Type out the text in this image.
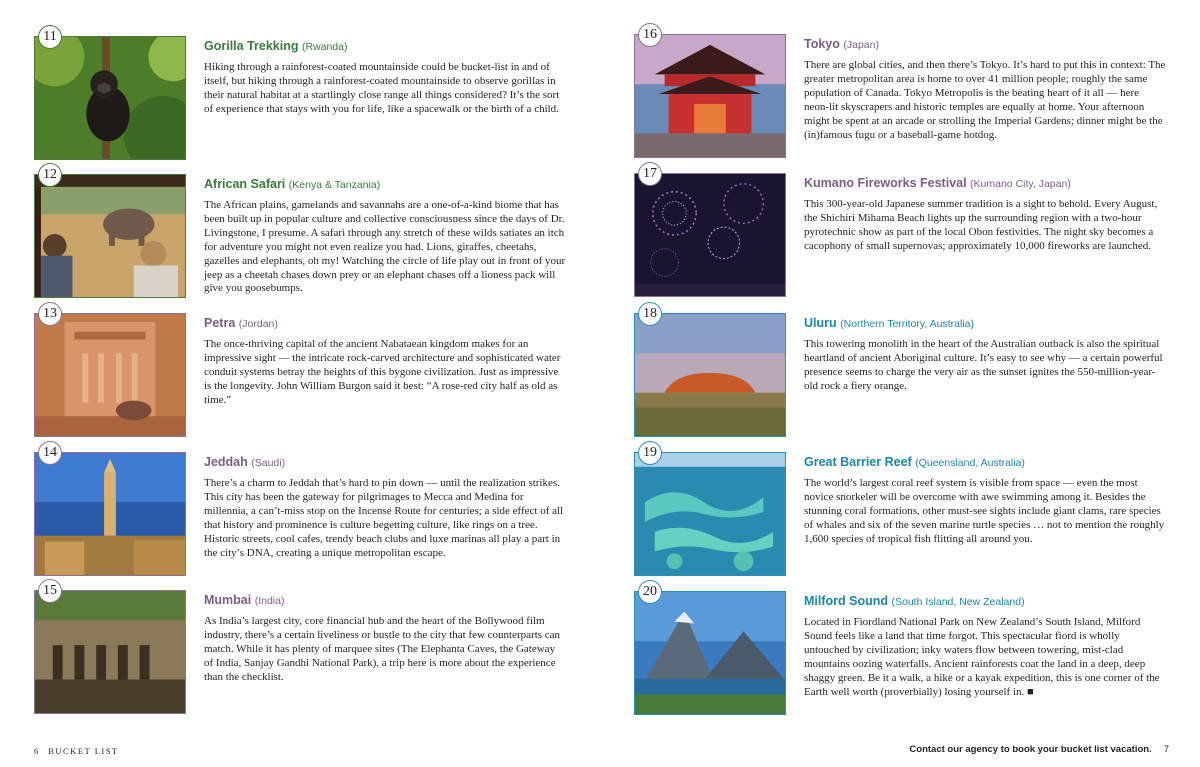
11
Gorilla Trekking (Rwanda)
Hiking through a rainforest-coated mountainside could be bucket-list in and of itself, but hiking through a rainforest-coated mountainside to observe gorillas in their natural habitat at a startlingly close range all things considered? It’s the sort of experience that stays with you for life, like a spacewalk or the birth of a child.
12
African Safari (Kenya & Tanzania)
The African plains, gamelands and savannahs are a one-of-a-kind biome that has been built up in popular culture and collective consciousness since the days of Dr. Livingstone, I presume. A safari through any stretch of these wilds satiates an itch for adventure you might not even realize you had. Lions, giraffes, cheetahs, gazelles and elephants, oh my! Watching the circle of life play out in front of your jeep as a cheetah chases down prey or an elephant chases off a lioness pack will give you goosebumps.
13
Petra (Jordan)
The once-thriving capital of the ancient Nabataean kingdom makes for an impressive sight — the intricate rock-carved architecture and sophisticated water conduit systems betray the heights of this bygone civilization. Just as impressive is the longevity. John William Burgon said it best: “A rose-red city half as old as time.”
14
Jeddah (Saudi)
There’s a charm to Jeddah that’s hard to pin down — until the realization strikes. This city has been the gateway for pilgrimages to Mecca and Medina for millennia, a can’t-miss stop on the Incense Route for centuries; a side effect of all that history and prominence is culture begetting culture, like rings on a tree. Historic streets, cool cafes, trendy beach clubs and luxe marinas all play a part in the city’s DNA, creating a unique metropolitan escape.
15
Mumbai (India)
As India’s largest city, core financial hub and the heart of the Bollywood film industry, there’s a certain liveliness or bustle to the city that few counterparts can match. While it has plenty of marquee sites (The Elephanta Caves, the Gateway of India, Sanjay Gandhi National Park), a trip here is more about the experience than the checklist.
16
Tokyo (Japan)
There are global cities, and then there’s Tokyo. It’s hard to put this in context: The greater metropolitan area is home to over 41 million people; roughly the same population of Canada. Tokyo Metropolis is the beating heart of it all — here neon-lit skyscrapers and historic temples are equally at home. Your afternoon might be spent at an arcade or strolling the Imperial Gardens; dinner might be the (in)famous fugu or a baseball-game hotdog.
17
Kumano Fireworks Festival (Kumano City, Japan)
This 300-year-old Japanese summer tradition is a sight to behold. Every August, the Shichiri Mihama Beach lights up the surrounding region with a two-hour pyrotechnic show as part of the local Obon festivities. The night sky becomes a cacophony of small supernovas; approximately 10,000 fireworks are launched.
18
Uluru (Northern Territory, Australia)
This towering monolith in the heart of the Australian outback is also the spiritual heartland of ancient Aboriginal culture. It’s easy to see why — a certain powerful presence seems to charge the very air as the sunset ignites the 550-million-year-old rock a fiery orange.
19
Great Barrier Reef (Queensland, Australia)
The world’s largest coral reef system is visible from space — even the most novice snorkeler will be overcome with awe swimming among it. Besides the stunning coral formations, other must-see sights include giant clams, rare species of whales and six of the seven marine turtle species … not to mention the roughly 1,600 species of tropical fish flitting all around you.
20
Milford Sound (South Island, New Zealand)
Located in Fiordland National Park on New Zealand’s South Island, Milford Sound feels like a land that time forgot. This spectacular fiord is wholly untouched by civilization; inky waters flow between towering, mist-clad mountains oozing waterfalls. Ancient rainforests coat the land in a deep, deep shaggy green. Be it a walk, a hike or a kayak expedition, this is one corner of the Earth well worth (proverbially) losing yourself in. ■
6 BUCKET LIST	Contact our agency to book your bucket list vacation. 7
